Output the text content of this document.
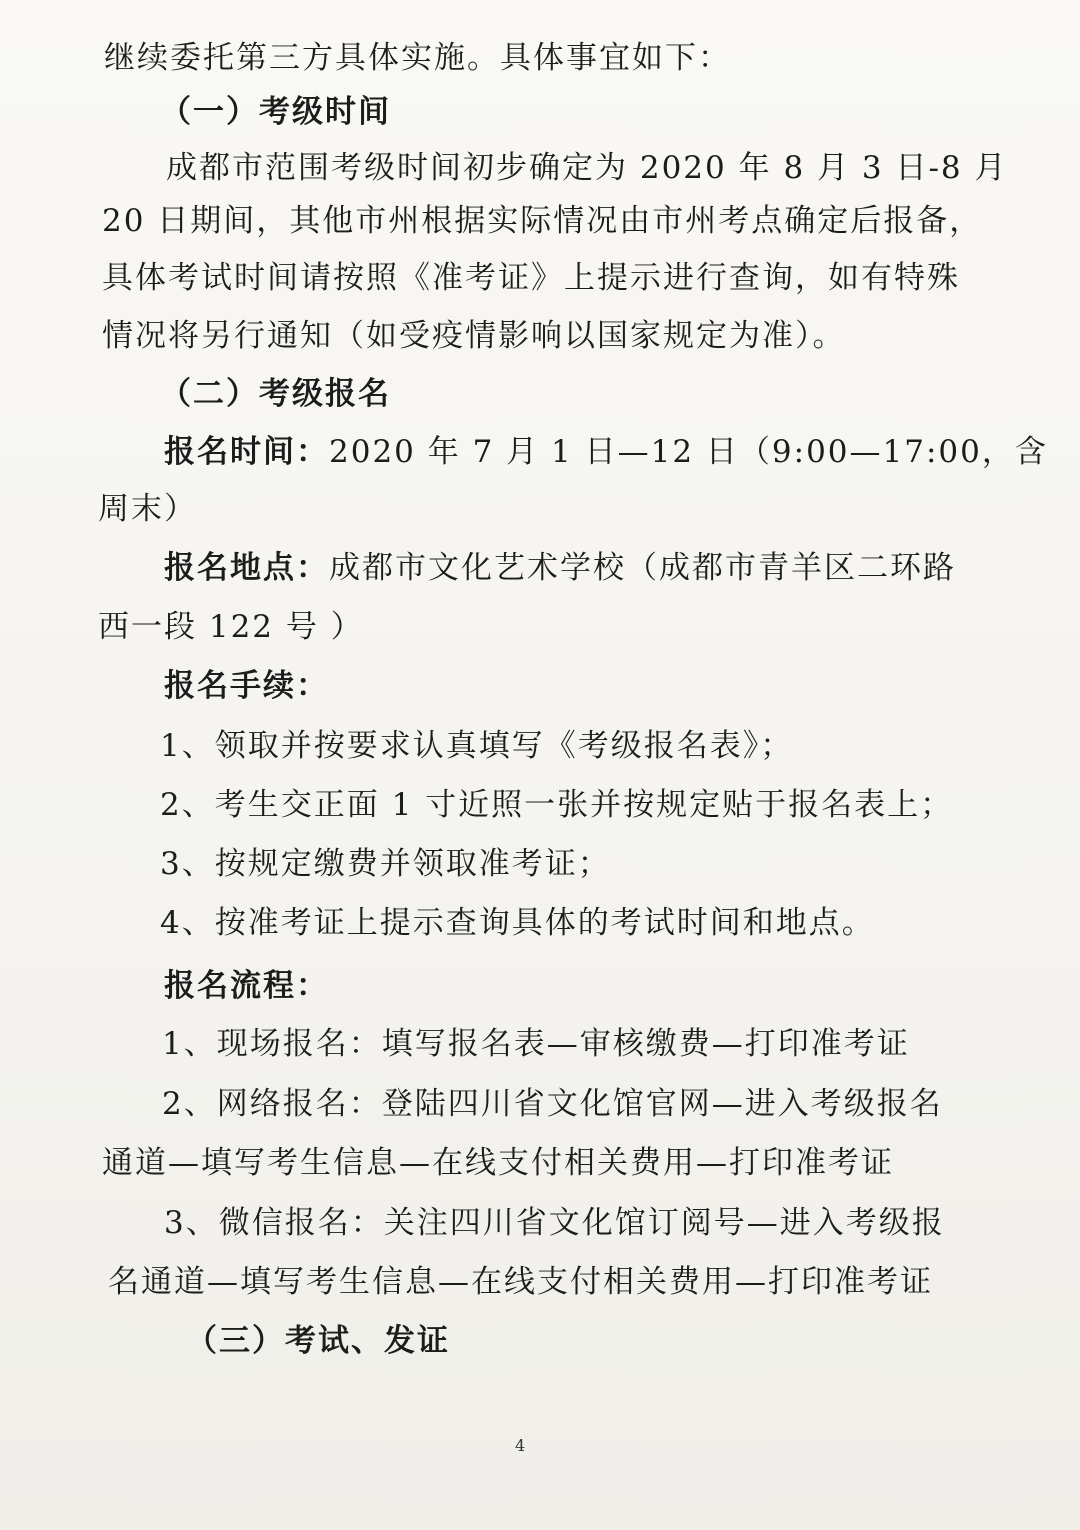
继续委托第三方具体实施。具体事宜如下：
（一）考级时间
成都市范围考级时间初步确定为 2020 年 8 月 3 日-8 月
20 日期间，其他市州根据实际情况由市州考点确定后报备，
具体考试时间请按照《准考证》上提示进行查询，如有特殊
情况将另行通知（如受疫情影响以国家规定为准）。
（二）考级报名
报名时间：2020 年 7 月 1 日—12 日（9:00—17:00，含
周末）
报名地点：成都市文化艺术学校（成都市青羊区二环路
西一段 122 号 ）
报名手续：
1、领取并按要求认真填写《考级报名表》；
2、考生交正面 1 寸近照一张并按规定贴于报名表上；
3、按规定缴费并领取准考证；
4、按准考证上提示查询具体的考试时间和地点。
报名流程：
1、现场报名：填写报名表—审核缴费—打印准考证
2、网络报名：登陆四川省文化馆官网—进入考级报名
通道—填写考生信息—在线支付相关费用—打印准考证
3、微信报名：关注四川省文化馆订阅号—进入考级报
名通道—填写考生信息—在线支付相关费用—打印准考证
（三）考试、发证
4
